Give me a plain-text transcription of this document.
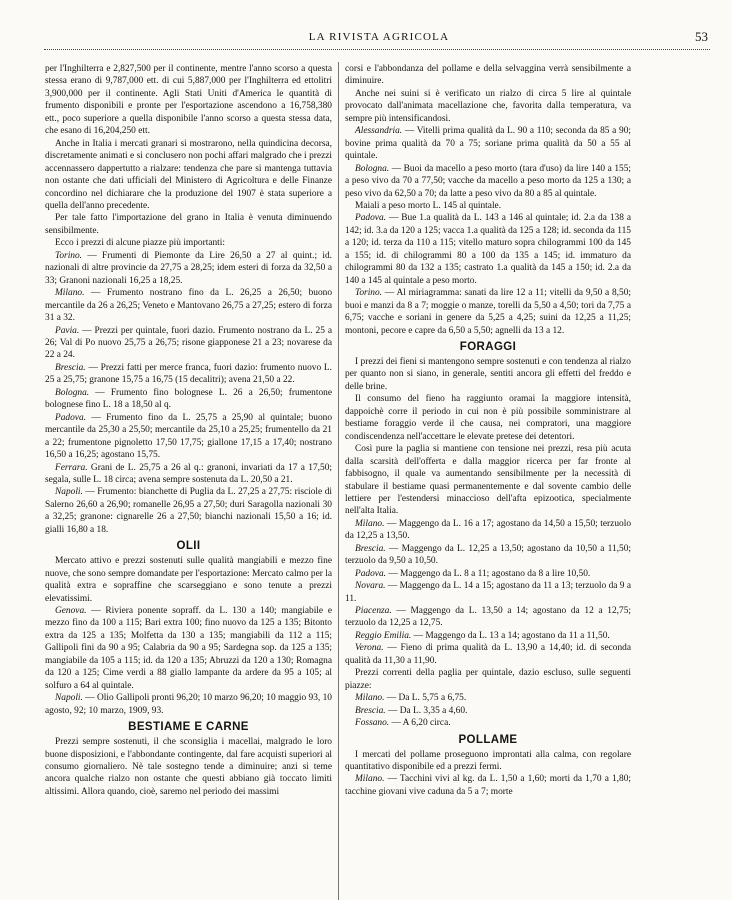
LA RIVISTA AGRICOLA	53

per l'Inghilterra e 2,827,500 per il continente, mentre l'anno scorso a questa stessa erano di 9,787,000 ett. di cui 5,887,000 per l'Inghilterra ed ettolitri 3,900,000 per il continente. Agli Stati Uniti d'America le quantità di frumento disponibili e pronte per l'esportazione ascendono a 16,758,380 ett., poco superiore a quella disponibile l'anno scorso a questa stessa data, che esano di 16,204,250 ett.

Anche in Italia i mercati granari si mostrarono, nella quindicina decorsa, discretamente animati e si conclusero non pochi affari malgrado che i prezzi accennassero dappertutto a rialzare: tendenza che pare si mantenga tuttavia non ostante che dati ufficiali del Ministero di Agricoltura e delle Finanze concordino nel dichiarare che la produzione del 1907 è stata superiore a quella dell'anno precedente.

Per tale fatto l'importazione del grano in Italia è venuta diminuendo sensibilmente.

Ecco i prezzi di alcune piazze più importanti:

Torino. — Frumenti di Piemonte da Lire 26,50 a 27 al quint.; id. nazionali di altre provincie da 27,75 a 28,25; idem esteri di forza da 32,50 a 33; Granoni nazionali 16,25 a 18,25.

Milano. — Frumento nostrano fino da L. 26,25 a 26,50; buono mercantile da 26 a 26,25; Veneto e Mantovano 26,75 a 27,25; estero di forza 31 a 32.

Pavia. — Prezzi per quintale, fuori dazio. Frumento nostrano da L. 25 a 26; Val di Po nuovo 25,75 a 26,75; risone giapponese 21 a 23; novarese da 22 a 24.

Brescia. — Prezzi fatti per merce franca, fuori dazio: frumento nuovo L. 25 a 25,75; granone 15,75 a 16,75 (15 decalitri); avena 21,50 a 22.

Bologna. — Frumento fino bolognese L. 26 a 26,50; frumentone bolognese fino L. 18 a 18,50 al q.

Padova. — Frumento fino da L. 25,75 a 25,90 al quintale; buono mercantile da 25,30 a 25,50; mercantile da 25,10 a 25,25; frumentello da 21 a 22; frumentone pignoletto 17,50 17,75; giallone 17,15 a 17,40; nostrano 16,50 a 16,25; agostano 15,75.

Ferrara. Grani de L. 25,75 a 26 al q.: granoni, invariati da 17 a 17,50; segala, sulle L. 18 circa; avena sempre sostenuta da L. 20,50 a 21.

Napoli. — Frumento: bianchette di Puglia da L. 27,25 a 27,75: risciole di Salerno 26,60 a 26,90; romanelle 26,95 a 27,50; duri Saragolla nazionali 30 a 32,25; granone: cignarelle 26 a 27,50; bianchi nazionali 15,50 a 16; id. gialli 16,80 a 18.

OLII

Mercato attivo e prezzi sostenuti sulle qualità mangiabili e mezzo fine nuove, che sono sempre domandate per l'esportazione: Mercato calmo per la qualità extra e sopraffine che scarseggiano e sono tenute a prezzi elevatissimi.

Genova. — Riviera ponente sopraff. da L. 130 a 140; mangiabile e mezzo fino da 100 a 115; Bari extra 100; fino nuovo da 125 a 135; Bitonto extra da 125 a 135; Molfetta da 130 a 135; mangiabili da 112 a 115; Gallipoli fini da 90 a 95; Calabria da 90 a 95; Sardegna sop. da 125 a 135; mangiabile da 105 a 115; id. da 120 a 135; Abruzzi da 120 a 130; Romagna da 120 a 125; Cime verdi a 88 giallo lampante da ardere da 95 a 105; al solfuro a 64 al quintale.

Napoli. — Olio Gallipoli pronti 96,20; 10 marzo 96,20; 10 maggio 93, 10 agosto, 92; 10 marzo, 1909, 93.

BESTIAME E CARNE

Prezzi sempre sostenuti, il che sconsiglia i macellai, malgrado le loro buone disposizioni, e l'abbondante contingente, dal fare acquisti superiori al consumo giornaliero. Nè tale sostegno tende a diminuire; anzi si teme ancora qualche rialzo non ostante che questi abbiano già toccato limiti altissimi. Allora quando, cioè, saremo nel periodo dei massimi

corsi e l'abbondanza del pollame e della selvaggina verrà sensibilmente a diminuire.

Anche nei suini si è verificato un rialzo di circa 5 lire al quintale provocato dall'animata macellazione che, favorita dalla temperatura, va sempre più intensificandosi.

Alessandria. — Vitelli prima qualità da L. 90 a 110; seconda da 85 a 90; bovine prima qualità da 70 a 75; soriane prima qualità da 50 a 55 al quintale.

Bologna. — Buoi da macello a peso morto (tara d'uso) da lire 140 a 155; a peso vivo da 70 a 77,50; vacche da macello a peso morto da 125 a 130; a peso vivo da 62,50 a 70; da latte a peso vivo da 80 a 85 al quintale.

Maiali a peso morto L. 145 al quintale.

Padova. — Bue 1.a qualità da L. 143 a 146 al quintale; id. 2.a da 138 a 142; id. 3.a da 120 a 125; vacca 1.a qualità da 125 a 128; id. seconda da 115 a 120; id. terza da 110 a 115; vitello maturo sopra chilogrammi 100 da 145 a 155; id. di chilogrammi 80 a 100 da 135 a 145; id. immaturo da chilogrammi 80 da 132 a 135; castrato 1.a qualità da 145 a 150; id. 2.a da 140 a 145 al quintale a peso morto.

Torino. — Al miriagramma: sanati da lire 12 a 11; vitelli da 9,50 a 8,50; buoi e manzi da 8 a 7; moggie o manze, torelli da 5,50 a 4,50; tori da 7,75 a 6,75; vacche e soriani in genere da 5,25 a 4,25; suini da 12,25 a 11,25; montoni, pecore e capre da 6,50 a 5,50; agnelli da 13 a 12.

FORAGGI

I prezzi dei fieni si mantengono sempre sostenuti e con tendenza al rialzo per quanto non si siano, in generale, sentiti ancora gli effetti del freddo e delle brine.

Il consumo del fieno ha raggiunto oramai la maggiore intensità, dappoichè corre il periodo in cui non è più possibile somministrare al bestiame foraggio verde il che causa, nei compratori, una maggiore condiscendenza nell'accettare le elevate pretese dei detentori.

Così pure la paglia si mantiene con tensione nei prezzi, resa più acuta dalla scarsità dell'offerta e dalla maggior ricerca per far fronte al fabbisogno, il quale va aumentando sensibilmente per la necessità di stabulare il bestiame quasi permanentemente e dal sovente cambio delle lettiere per l'estendersi minaccioso dell'afta epizootica, specialmente nell'alta Italia.

Milano. — Maggengo da L. 16 a 17; agostano da 14,50 a 15,50; terzuolo da 12,25 a 13,50.

Brescia. — Maggengo da L. 12,25 a 13,50; agostano da 10,50 a 11,50; terzuolo da 9,50 a 10,50.

Padova. — Maggengo da L. 8 a 11; agostano da 8 a lire 10,50.

Novara. — Maggengo da L. 14 a 15; agostano da 11 a 13; terzuolo da 9 a 11.

Piacenza. — Maggengo da L. 13,50 a 14; agostano da 12 a 12,75; terzuolo da 12,25 a 12,75.

Reggio Emilia. — Maggengo da L. 13 a 14; agostano da 11 a 11,50.

Verona. — Fieno di prima qualità da L. 13,90 a 14,40; id. di seconda qualità da 11,30 a 11,90.

Prezzi correnti della paglia per quintale, dazio escluso, sulle seguenti piazze:

Milano. — Da L. 5,75 a 6,75.

Brescia. — Da L. 3,35 a 4,60.

Fossano. — A 6,20 circa.

POLLAME

I mercati del pollame proseguono improntati alla calma, con regolare quantitativo disponibile ed a prezzi fermi.

Milano. — Tacchini vivi al kg. da L. 1,50 a 1,60; morti da 1,70 a 1,80; tacchine giovani vive caduna da 5 a 7; morte
